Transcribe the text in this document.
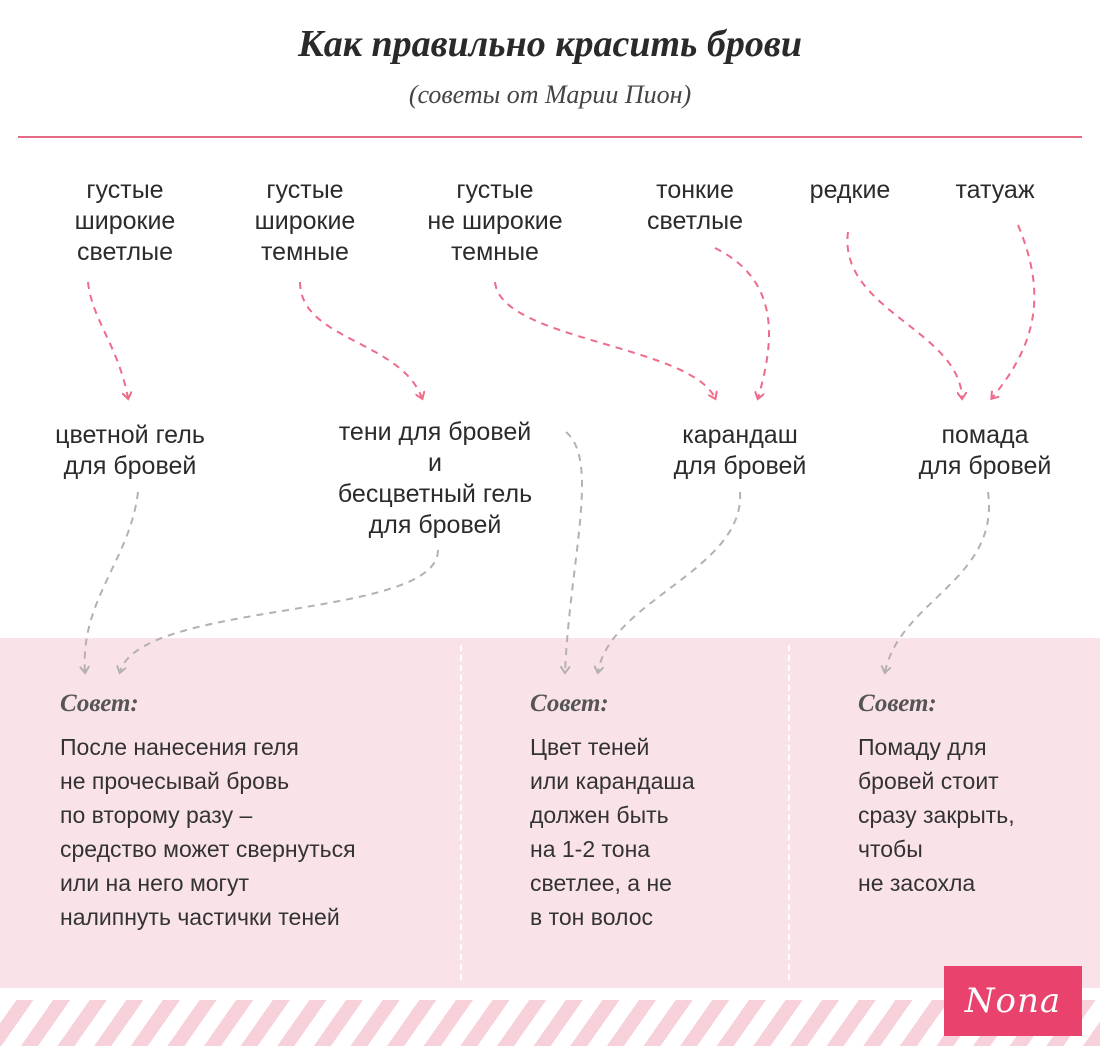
Как правильно красить брови
(советы от Марии Пион)
густые
широкие
светлые
густые
широкие
темные
густые
не широкие
темные
тонкие
светлые
редкие	татуаж
цветной гель
для бровей
тени для бровей
и
бесцветный гель
для бровей
карандаш
для бровей
помада
для бровей
Совет:
После нанесения геля
не прочесывай бровь
по второму разу –
средство может свернуться
или на него могут
налипнуть частички теней
Совет:
Цвет теней
или карандаша
должен быть
на 1-2 тона
светлее, а не
в тон волос
Совет:
Помаду для
бровей стоит
сразу закрыть,
чтобы
не засохла
Nona
